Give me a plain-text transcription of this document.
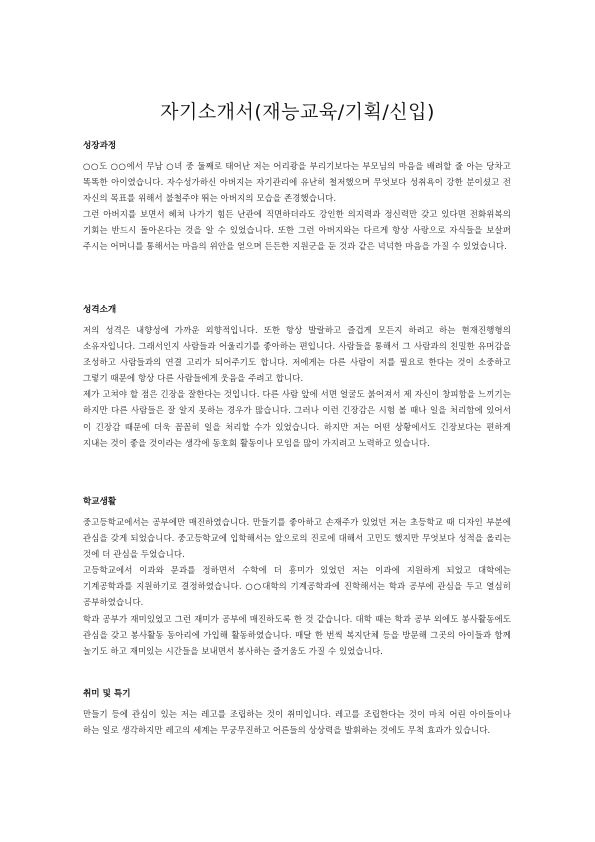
자기소개서(재능교육/기획/신입)
성장과정

○○도 ○○에서 무남 ○녀 중 둘째로 태어난 저는 어리광을 부리기보다는 부모님의 마음을 배려할 줄 아는 당차고 똑똑한 아이였습니다. 자수성가하신 아버지는 자기관리에 유난히 철저했으며 무엇보다 성취욕이 강한 분이셨고 전 자신의 목표를 위해서 불철주야 뛰는 아버지의 모습을 존경했습니다.

그런 아버지를 보면서 헤쳐 나가기 힘든 난관에 직면하더라도 강인한 의지력과 정신력만 갖고 있다면 전화위복의 기회는 반드시 돌아온다는 것을 알 수 있었습니다. 또한 그런 아버지와는 다르게 항상 사랑으로 자식들을 보살펴 주시는 어머니를 통해서는 마음의 위안을 얻으며 든든한 지원군을 둔 것과 같은 넉넉한 마음을 가질 수 있었습니다.

성격소개

저의 성격은 내향성에 가까운 외향적입니다. 또한 항상 발랄하고 즐겁게 모든지 하려고 하는 현재진행형의 소유자입니다. 그래서인지 사람들과 어울리기를 좋아하는 편입니다. 사람들을 통해서 그 사람과의 친밀한 유머감을 조성하고 사람들과의 연결 고리가 되어주기도 합니다. 저에게는 다른 사람이 저를 필요로 한다는 것이 소중하고 그렇기 때문에 항상 다른 사람들에게 웃음을 주려고 합니다.

제가 고쳐야 할 점은 긴장을 잘한다는 것입니다. 다른 사람 앞에 서면 얼굴도 붉어져서 제 자신이 창피함을 느끼기는 하지만 다른 사람들은 잘 알지 못하는 경우가 많습니다. 그러나 이런 긴장감은 시험 볼 때나 일을 처리함에 있어서 이 긴장감 때문에 더욱 꼼꼼히 일을 처리할 수가 있었습니다. 하지만 저는 어떤 상황에서도 긴장보다는 편하게 지내는 것이 좋을 것이라는 생각에 동호회 활동이나 모임을 많이 가지려고 노력하고 있습니다.

학교생활

중고등학교에서는 공부에만 매진하였습니다. 만들기를 좋아하고 손재주가 있었던 저는 초등학교 때 디자인 부분에 관심을 갖게 되었습니다. 중고등학교에 입학해서는 앞으로의 진로에 대해서 고민도 했지만 무엇보다 성적을 올리는 것에 더 관심을 두었습니다.

고등학교에서 이과와 문과를 정하면서 수학에 더 흥미가 있었던 저는 이과에 지원하게 되었고 대학에는 기계공학과를 지원하기로 결정하였습니다. ○○대학의 기계공학과에 진학해서는 학과 공부에 관심을 두고 열심히 공부하였습니다.

학과 공부가 재미있었고 그런 재미가 공부에 매진하도록 한 것 같습니다. 대학 때는 학과 공부 외에도 봉사활동에도 관심을 갖고 봉사활동 동아리에 가입해 활동하였습니다. 매달 한 번씩 복지단체 등을 방문해 그곳의 아이들과 함께 놀기도 하고 재미있는 시간들을 보내면서 봉사하는 즐거움도 가질 수 있었습니다.

취미 및 특기

만들기 등에 관심이 있는 저는 레고를 조립하는 것이 취미입니다. 레고를 조립한다는 것이 마치 어린 아이들이나 하는 일로 생각하지만 레고의 세계는 무궁무진하고 어른들의 상상력을 발휘하는 것에도 무척 효과가 있습니다.
